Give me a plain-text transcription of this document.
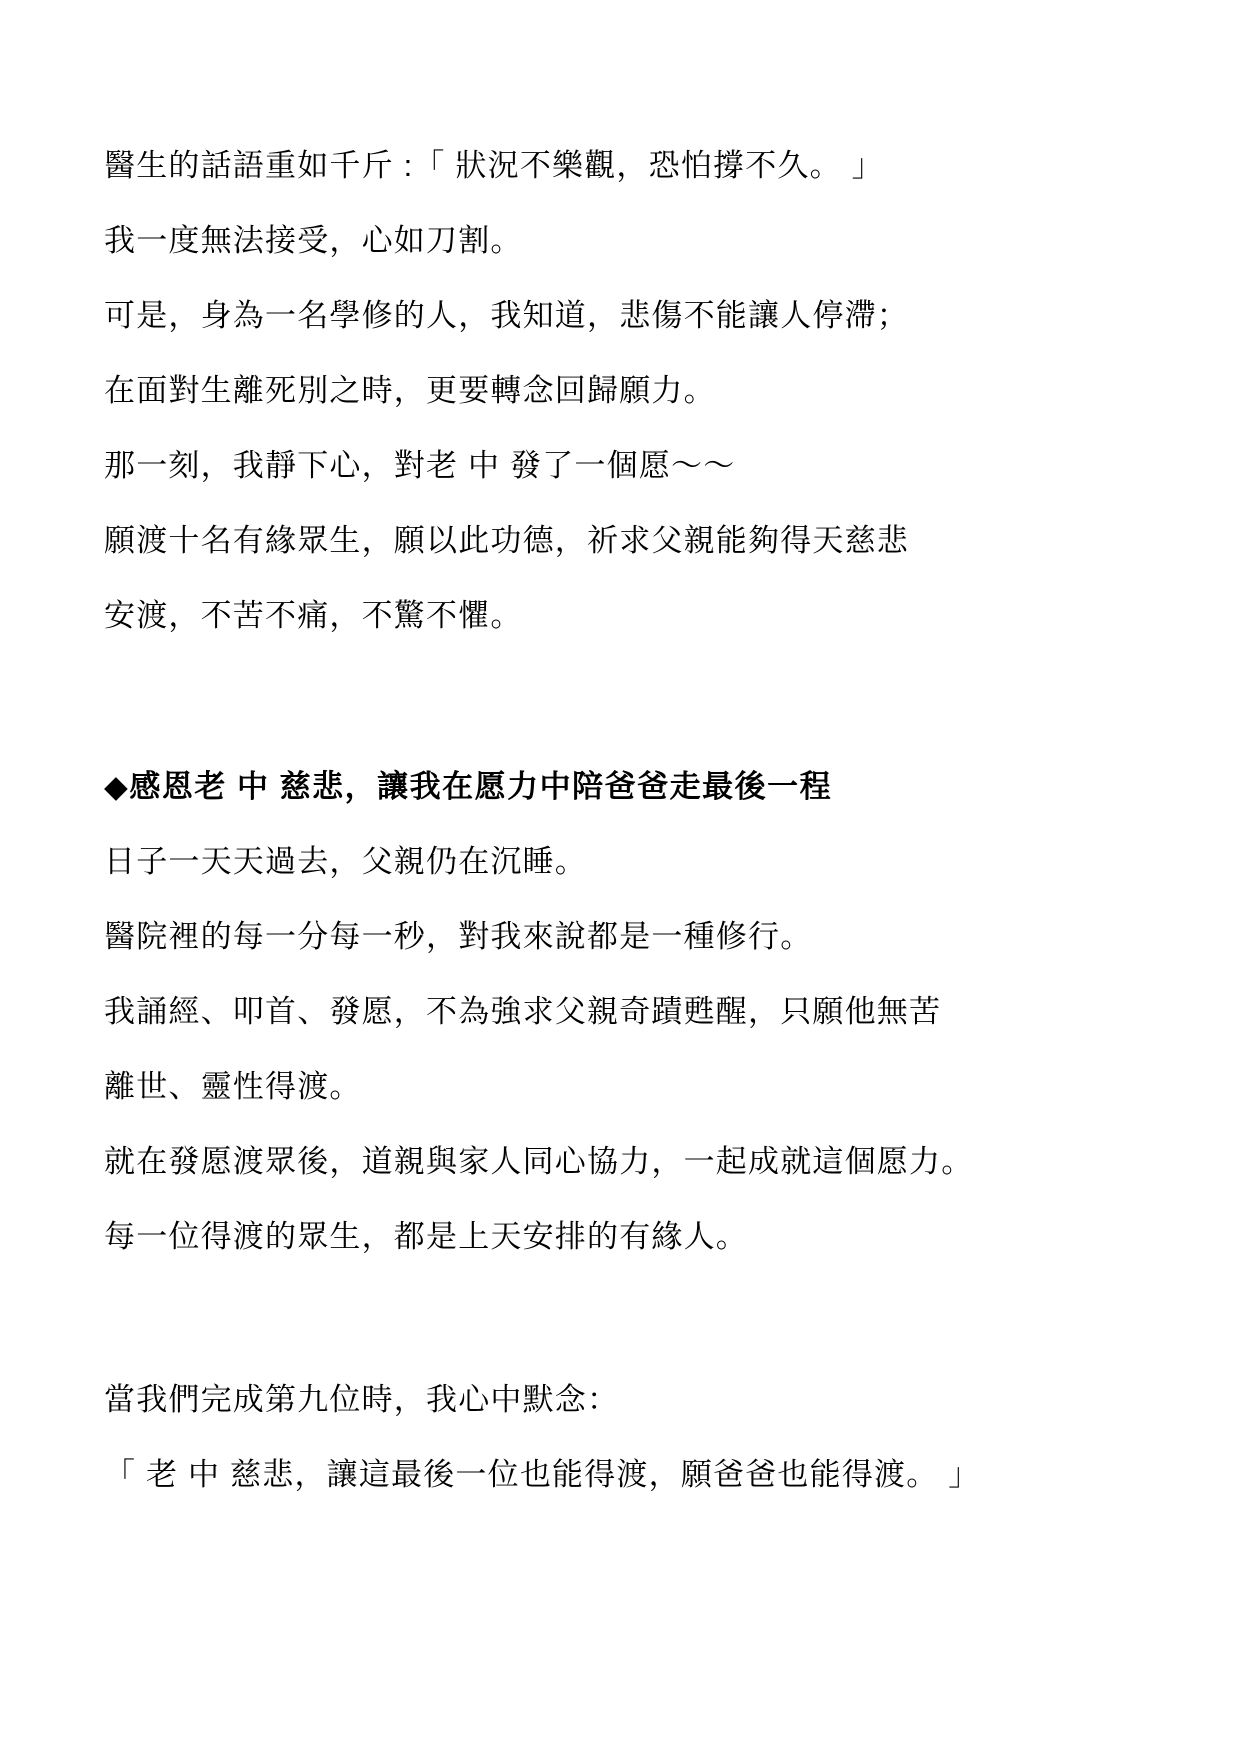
醫生的話語重如千斤 :「 狀況不樂觀，恐怕撐不久。 」
我一度無法接受，心如刀割。
可是，身為一名學修的人，我知道，悲傷不能讓人停滯；
在面對生離死別之時，更要轉念回歸願力。
那一刻，我靜下心，對老 中 發了一個愿～～
願渡十名有緣眾生，願以此功德，祈求父親能夠得天慈悲
安渡，不苦不痛，不驚不懼。
◆感恩老 中 慈悲，讓我在愿力中陪爸爸走最後一程
日子一天天過去，父親仍在沉睡。
醫院裡的每一分每一秒，對我來說都是一種修行。
我誦經、叩首、發愿，不為強求父親奇蹟甦醒，只願他無苦
離世、靈性得渡。
就在發愿渡眾後，道親與家人同心協力，一起成就這個愿力。
每一位得渡的眾生，都是上天安排的有緣人。
當我們完成第九位時，我心中默念：
「 老 中 慈悲，讓這最後一位也能得渡，願爸爸也能得渡。 」
